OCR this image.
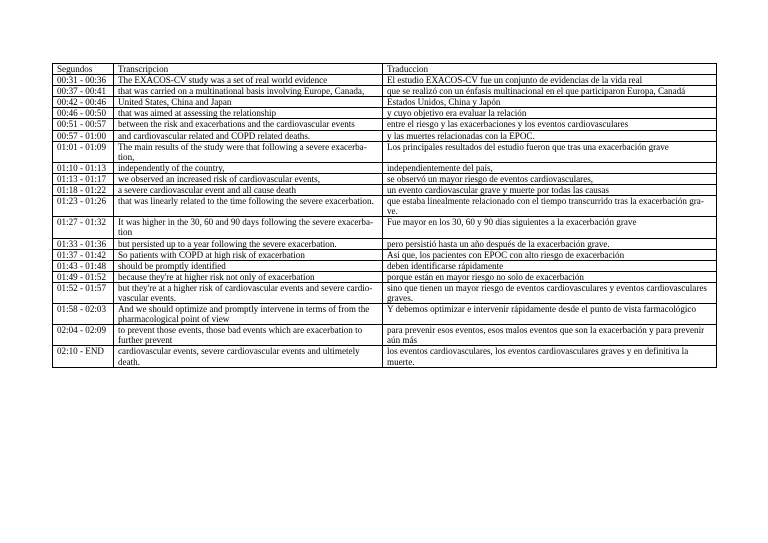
Segundos	Transcripcion	Traduccion
00:31 - 00:36	The EXACOS-CV study was a set of real world evidence	El estudio EXACOS-CV fue un conjunto de evidencias de la vida real
00:37 - 00:41	that was carried on a multinational basis involving Europe, Canada,	que se realizó con un énfasis multinacional en el que participaron Europa, Canadá
00:42 - 00:46	United States, China and Japan	Estados Unidos, China y Japón
00:46 - 00:50	that was aimed at assessing the relationship	y cuyo objetivo era evaluar la relación
00:51 - 00:57	between the risk and exacerbations and the cardiovascular events	entre el riesgo y las exacerbaciones y los eventos cardiovasculares
00:57 - 01:00	and cardiovascular related and COPD related deaths.	y las muertes relacionadas con la EPOC.
01:01 - 01:09	The main results of the study were that following a severe exacerba-tion,	Los principales resultados del estudio fueron que tras una exacerbación grave
01:10 - 01:13	independently of the country,	independientemente del país,
01:13 - 01:17	we observed an increased risk of cardiovascular events,	se observó un mayor riesgo de eventos cardiovasculares,
01:18 - 01:22	a severe cardiovascular event and all cause death	un evento cardiovascular grave y muerte por todas las causas
01:23 - 01:26	that was linearly related to the time following the severe exacerbation.	que estaba linealmente relacionado con el tiempo transcurrido tras la exacerbación gra-ve.
01:27 - 01:32	It was higher in the 30, 60 and 90 days following the severe exacerba-tion	Fue mayor en los 30, 60 y 90 días siguientes a la exacerbación grave
01:33 - 01:36	but persisted up to a year following the severe exacerbation.	pero persistió hasta un año después de la exacerbación grave.
01:37 - 01:42	So patients with COPD at high risk of exacerbation	Así que, los pacientes con EPOC con alto riesgo de exacerbación
01:43 - 01:48	should be promptly identified	deben identificarse rápidamente
01:49 - 01:52	because they're at higher risk not only of exacerbation	porque están en mayor riesgo no solo de exacerbación
01:52 - 01:57	but they're at a higher risk of cardiovascular events and severe cardio-vascular events.	sino que tienen un mayor riesgo de eventos cardiovasculares y eventos cardiovasculares graves.
01:58 - 02:03	And we should optimize and promptly intervene in terms of from the pharmacological point of view	Y debemos optimizar e intervenir rápidamente desde el punto de vista farmacológico
02:04 - 02:09	to prevent those events, those bad events which are exacerbation to further prevent	para prevenir esos eventos, esos malos eventos que son la exacerbación y para prevenir aún más
02:10 - END	cardiovascular events, severe cardiovascular events and ultimetely death.	los eventos cardiovasculares, los eventos cardiovasculares graves y en definitiva la muerte.
